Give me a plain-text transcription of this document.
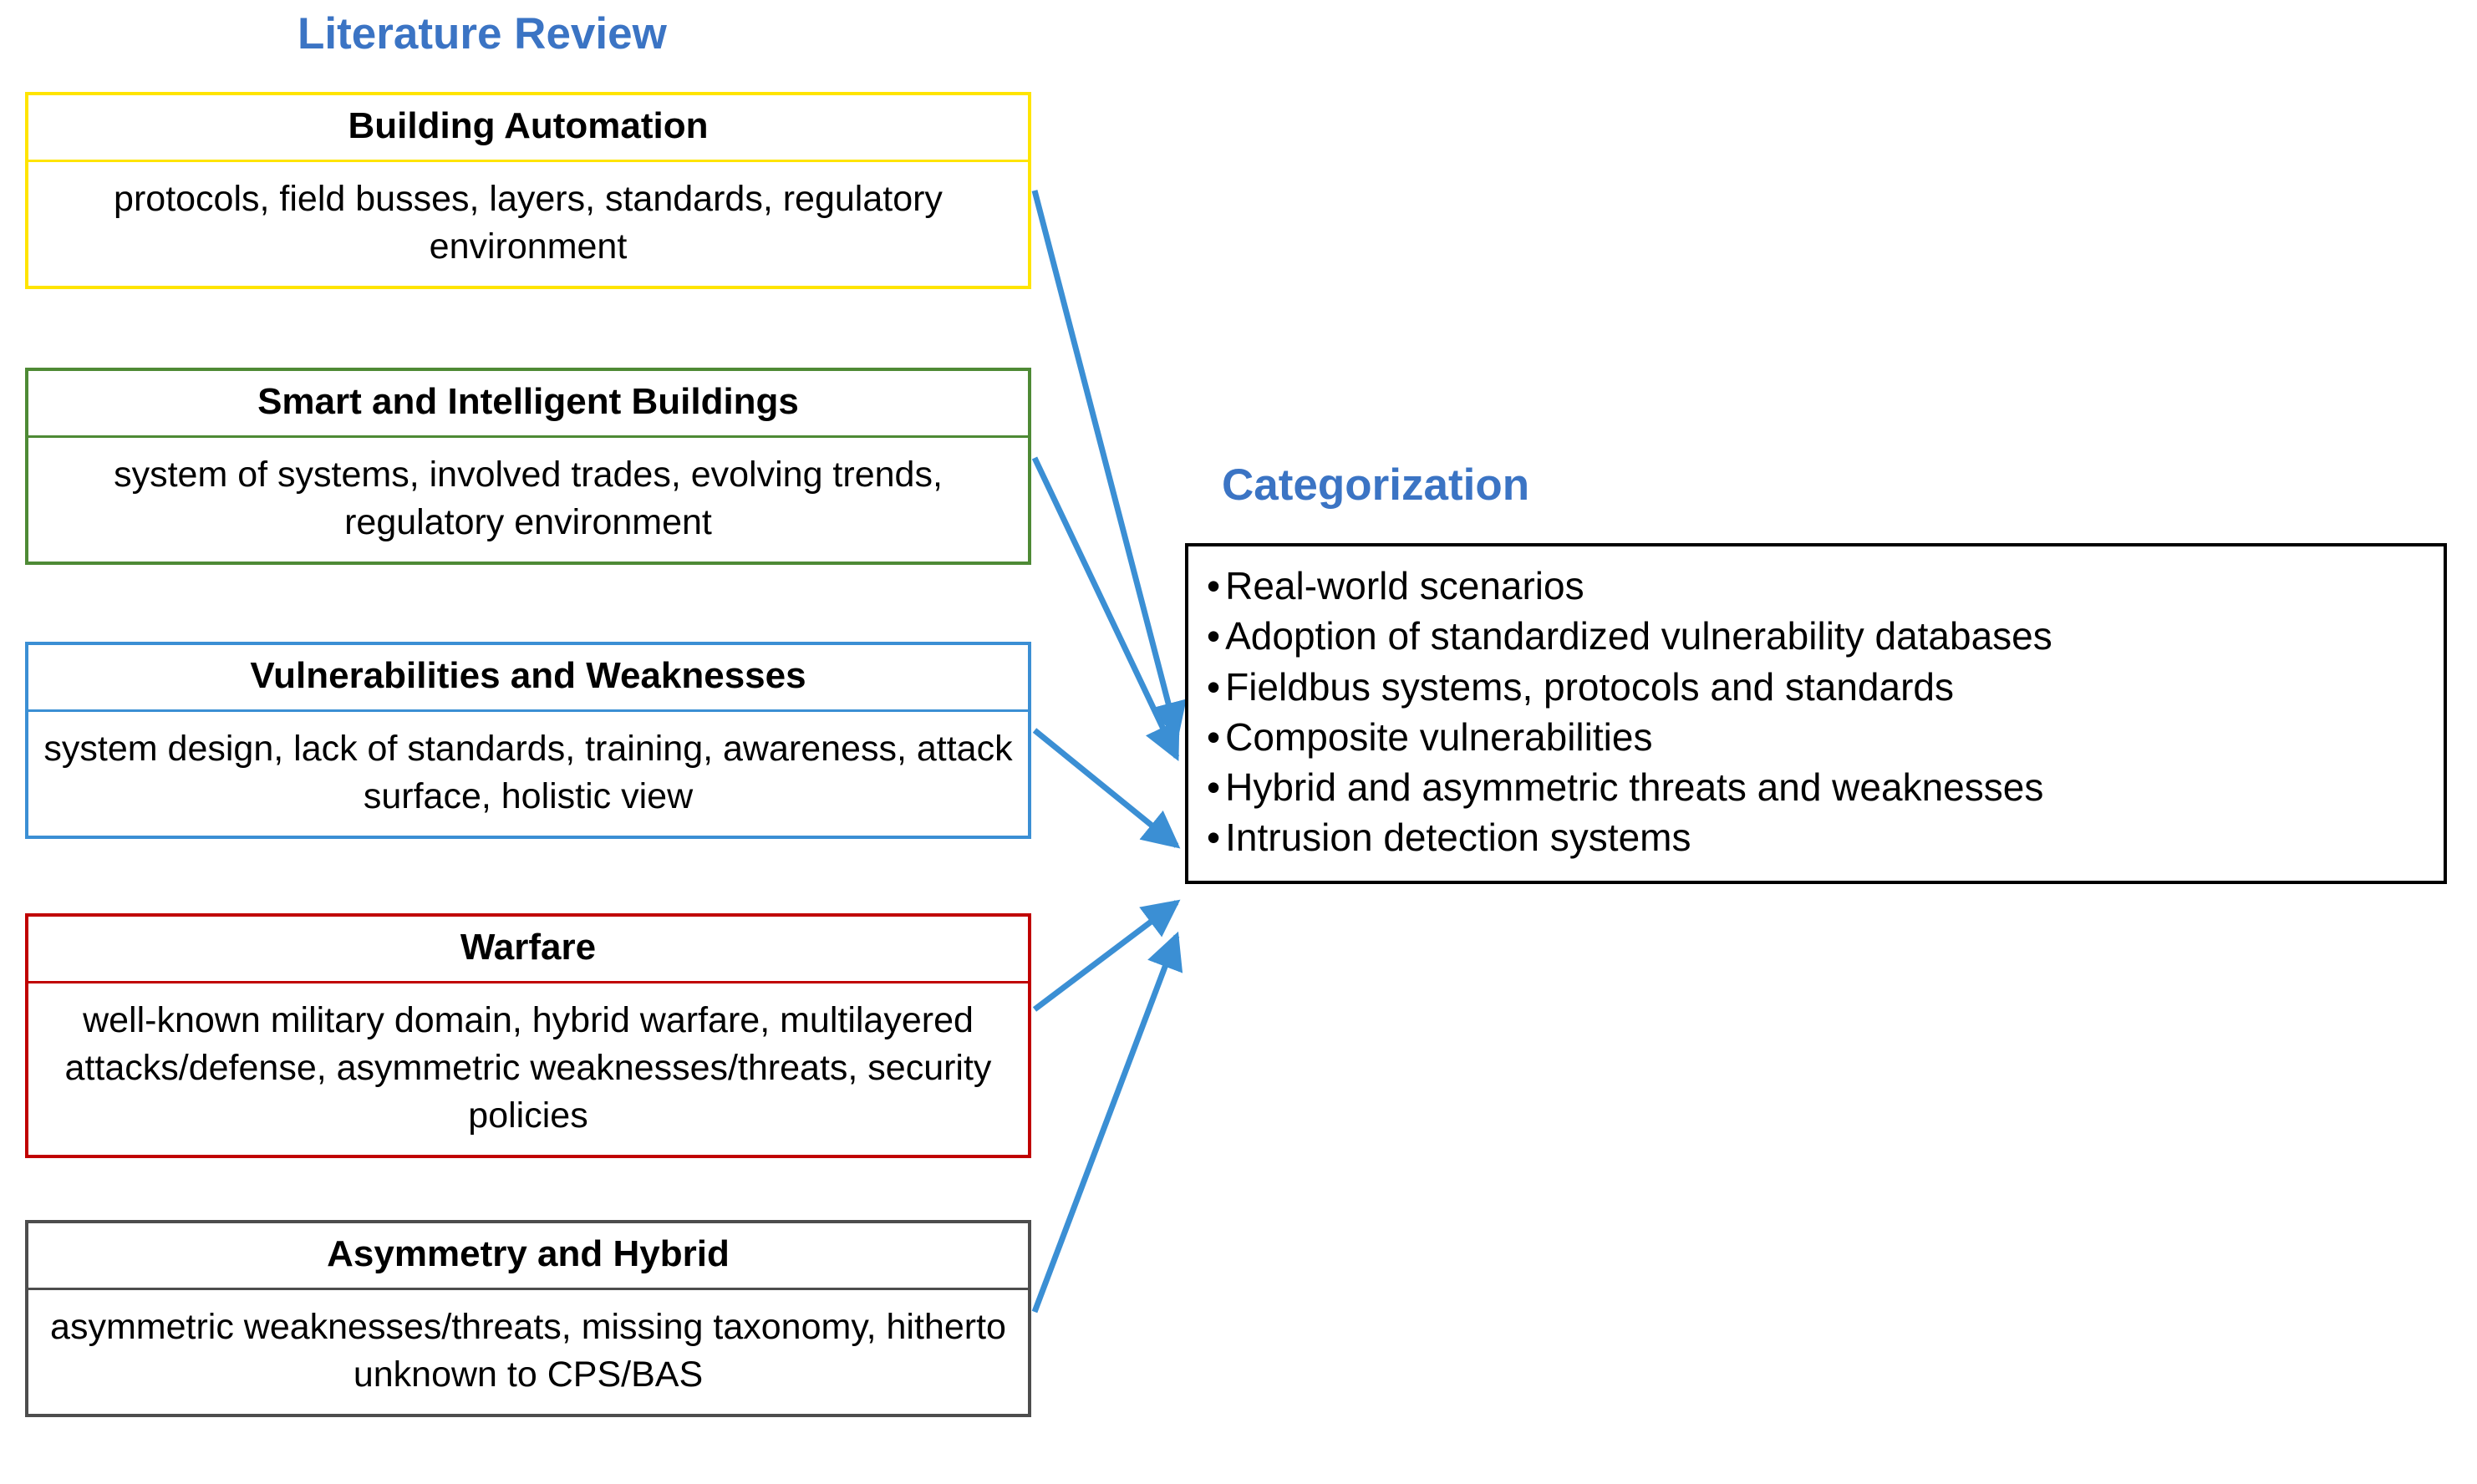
Literature Review
Categorization
Building Automation
protocols, field busses, layers, standards, regulatory environment
Smart and Intelligent Buildings
system of systems, involved trades, evolving trends, regulatory environment
Vulnerabilities and Weaknesses
system design, lack of standards, training, awareness, attack surface, holistic view
Warfare
well-known military domain, hybrid warfare, multilayered attacks/defense, asymmetric weaknesses/threats, security policies
Asymmetry and Hybrid
asymmetric weaknesses/threats, missing taxonomy, hitherto unknown to CPS/BAS
• Real-world scenarios
• Adoption of standardized vulnerability databases
• Fieldbus systems, protocols and standards
• Composite vulnerabilities
• Hybrid and asymmetric threats and weaknesses
• Intrusion detection systems
